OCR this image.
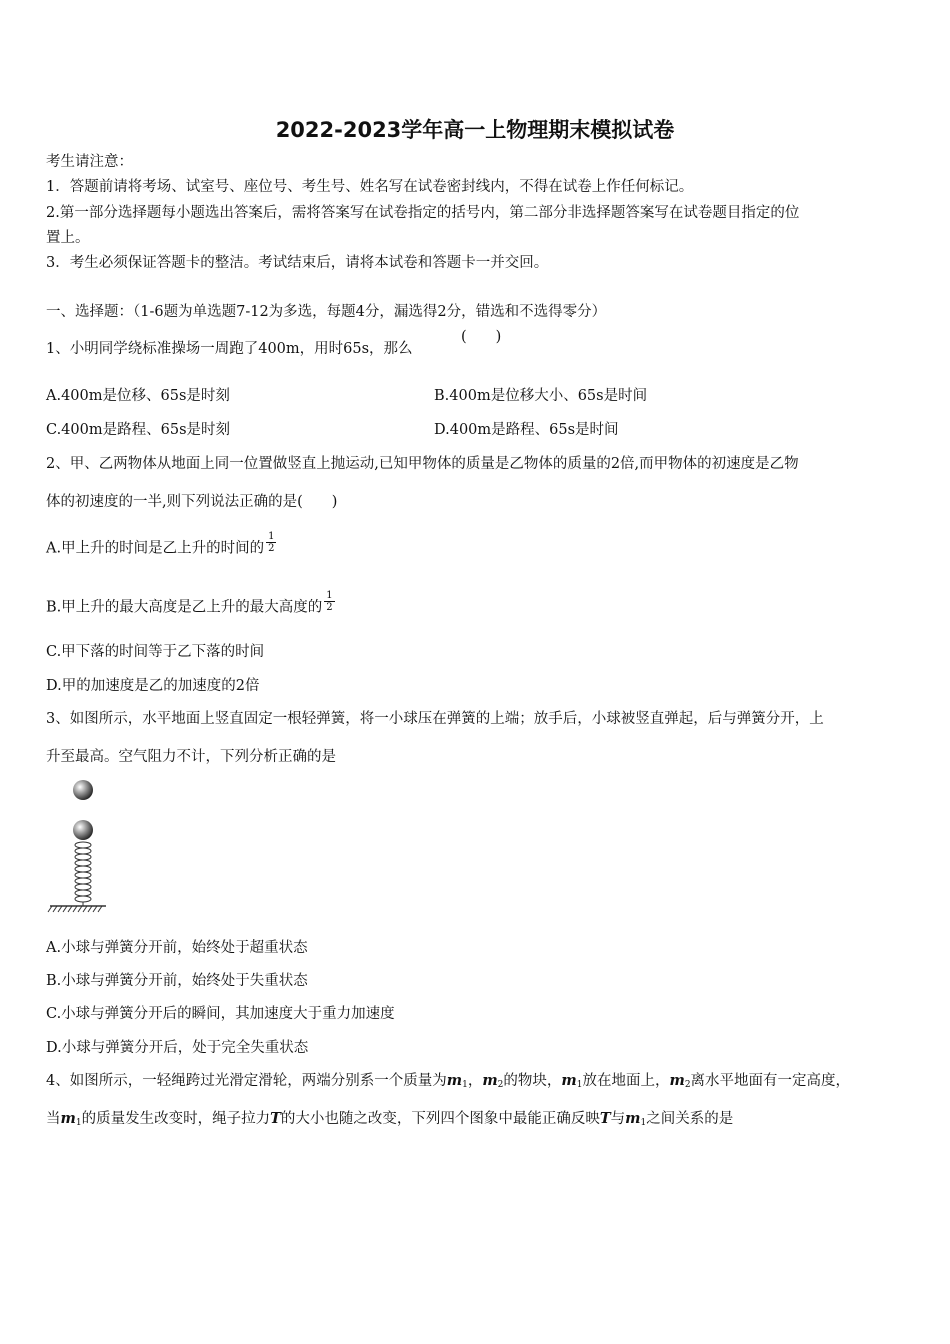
2022-2023学年高一上物理期末模拟试卷
考生请注意：
1．答题前请将考场、试室号、座位号、考生号、姓名写在试卷密封线内，不得在试卷上作任何标记。
2.第一部分选择题每小题选出答案后，需将答案写在试卷指定的括号内，第二部分非选择题答案写在试卷题目指定的位
置上。
3．考生必须保证答题卡的整洁。考试结束后，请将本试卷和答题卡一并交回。
一、选择题：（1-6题为单选题7-12为多选，每题4分，漏选得2分，错选和不选得零分）
1、小明同学绕标准操场一周跑了400m，用时65s，那么
(　　)
A.400m是位移、65s是时刻	B.400m是位移大小、65s是时间
C.400m是路程、65s是时刻	D.400m是路程、65s是时间
2、甲、乙两物体从地面上同一位置做竖直上抛运动,已知甲物体的质量是乙物体的质量的2倍,而甲物体的初速度是乙物
体的初速度的一半,则下列说法正确的是(　　)
A.甲上升的时间是乙上升的时间的 $\frac{1}{2}$
B.甲上升的最大高度是乙上升的最大高度的 $\frac{1}{2}$
C.甲下落的时间等于乙下落的时间
D.甲的加速度是乙的加速度的2倍
3、如图所示，水平地面上竖直固定一根轻弹簧，将一小球压在弹簧的上端；放手后，小球被竖直弹起，后与弹簧分开，上
升至最高。空气阻力不计，下列分析正确的是
A.小球与弹簧分开前，始终处于超重状态
B.小球与弹簧分开前，始终处于失重状态
C.小球与弹簧分开后的瞬间，其加速度大于重力加速度
D.小球与弹簧分开后，处于完全失重状态
4、如图所示，一轻绳跨过光滑定滑轮，两端分别系一个质量为$m_1$，$m_2$的物块，$m_1$放在地面上，$m_2$离水平地面有一定高度，
当$m_1$的质量发生改变时，绳子拉力T的大小也随之改变，下列四个图象中最能正确反映T与$m_1$之间关系的是
